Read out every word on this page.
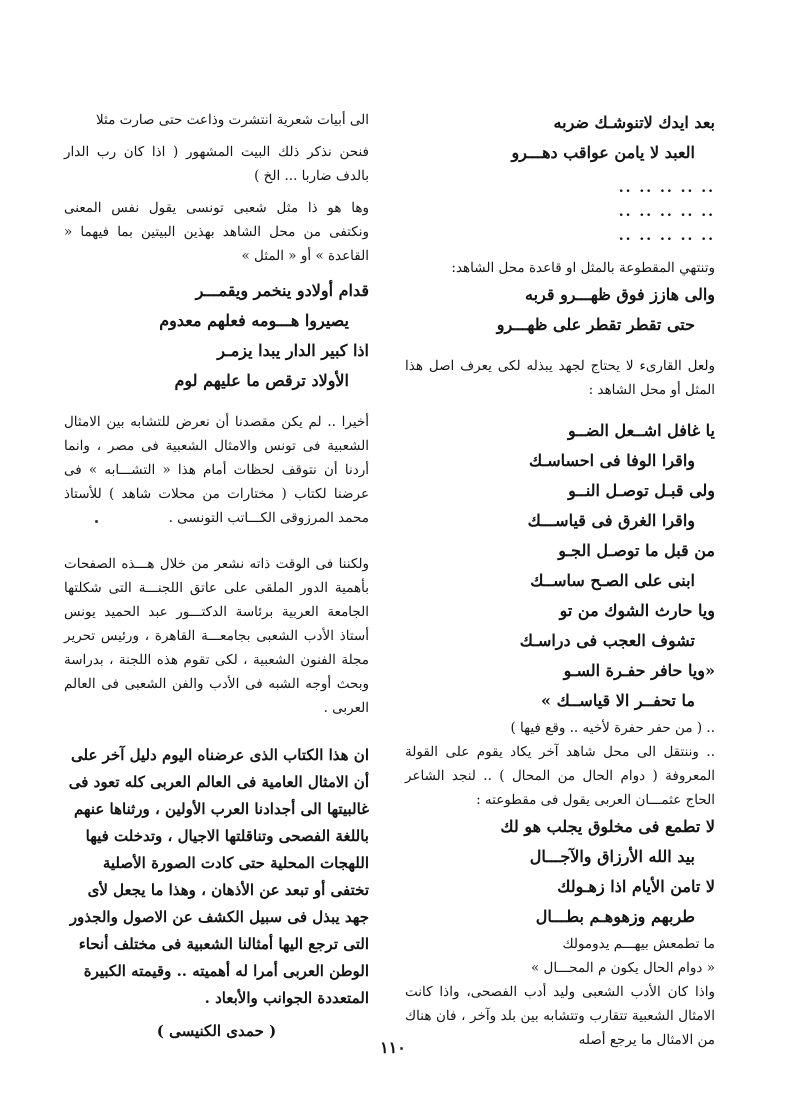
بعد ايدك لاتنوشـك ضربه
العبد لا يامن عواقب دهـــرو
.. .. .. .. ..
.. .. .. .. ..
.. .. .. .. ..

وتنتهي المقطوعة بالمثل او قاعدة محل الشاهد:

والى هازز فوق ظهـــرو قربه
حتى تقطر تقطر على ظهـــرو

ولعل القارىء لا يحتاج لجهد يبذله لكى يعرف اصل هذا المثل أو محل الشاهد :

يا غافل اشــعل الضــو
واقرا الوفا فى احساسـك
ولى قبـل توصـل النــو
واقرا الغرق فى قياســـك
من قبل ما توصـل الجـو
ابنى على الصـح ساســك
ويا حارث الشوك من تو
تشوف العجب فى دراسـك
«ويا حافر حفـرة السـو
ما تحفــر الا قياســك »

.. ( من حفر حفرة لأخيه .. وقع فيها )

.. وننتقل الى محل شاهد آخر يكاد يقوم على القولة المعروفة ( دوام الحال من المحال ) .. لنجد الشاعر الحاج عثمـــان العربى يقول فى مقطوعته :

لا تطمع فى مخلوق يجلب هو لك
بيد الله الأرزاق والآجـــال
لا تامن الأيام اذا زهـولك
طربهم وزهوهـم بطـــال

ما تطمعش بيهـــم يدومولك

« دوام الحال يكون م المحـــال »

واذا كان الأدب الشعبى وليد أدب الفصحى، واذا كانت الامثال الشعبية تتقارب وتتشابه بين بلد وآخر ، فان هناك من الامثال ما يرجع أصله

الى أبيات شعرية انتشرت وذاعت حتى صارت مثلا

فنحن نذكر ذلك البيت المشهور ( اذا كان رب الدار بالدف ضاربا ... الخ )

وها هو ذا مثل شعبى تونسى يقول نفس المعنى ونكتفى من محل الشاهد بهذين البيتين بما فيهما « القاعدة » أو « المثل »

قدام أولادو ينخمر ويقمـــر
يصيروا هـــومه فعلهم معدوم
اذا كبير الدار يبدا يزمـر
الأولاد ترقص ما عليهم لوم

أخيرا .. لم يكن مقصدنا أن نعرض للتشابه بين الامثال الشعبية فى تونس والامثال الشعبية فى مصر ، وانما أردنا أن نتوقف لحظات أمام هذا « التشـــابه » فى عرضنا لكتاب ( مختارات من محلات شاهد ) للأستاذ محمد المرزوقى الكـــاتب التونسى .

ولكننا فى الوقت ذاته نشعر من خلال هـــذه الصفحات بأهمية الدور الملقى على عاتق اللجنـــة التى شكلتها الجامعة العربية برئاسة الدكتـــور عبد الحميد يونس أستاذ الأدب الشعبى بجامعـــة القاهرة ، ورئيس تحرير مجلة الفنون الشعبية ، لكى تقوم هذه اللجنة ، بدراسة وبحث أوجه الشبه فى الأدب والفن الشعبى فى العالم العربى .

ان هذا الكتاب الذى عرضناه اليوم دليل آخر على أن الامثال العامية فى العالم العربى كله تعود فى غالبيتها الى أجدادنا العرب الأولين ، ورثناها عنهم باللغة الفصحى وتناقلتها الاجيال ، وتدخلت فيها اللهجات المحلية حتى كادت الصورة الأصلية تختفى أو تبعد عن الأذهان ، وهذا ما يجعل لأى جهد يبذل فى سبيل الكشف عن الاصول والجذور التى ترجع اليها أمثالنا الشعبية فى مختلف أنحاء الوطن العربى أمرا له أهميته .. وقيمته الكبيرة المتعددة الجوانب والأبعاد .

( حمدى الكنيسى )
١١٠
